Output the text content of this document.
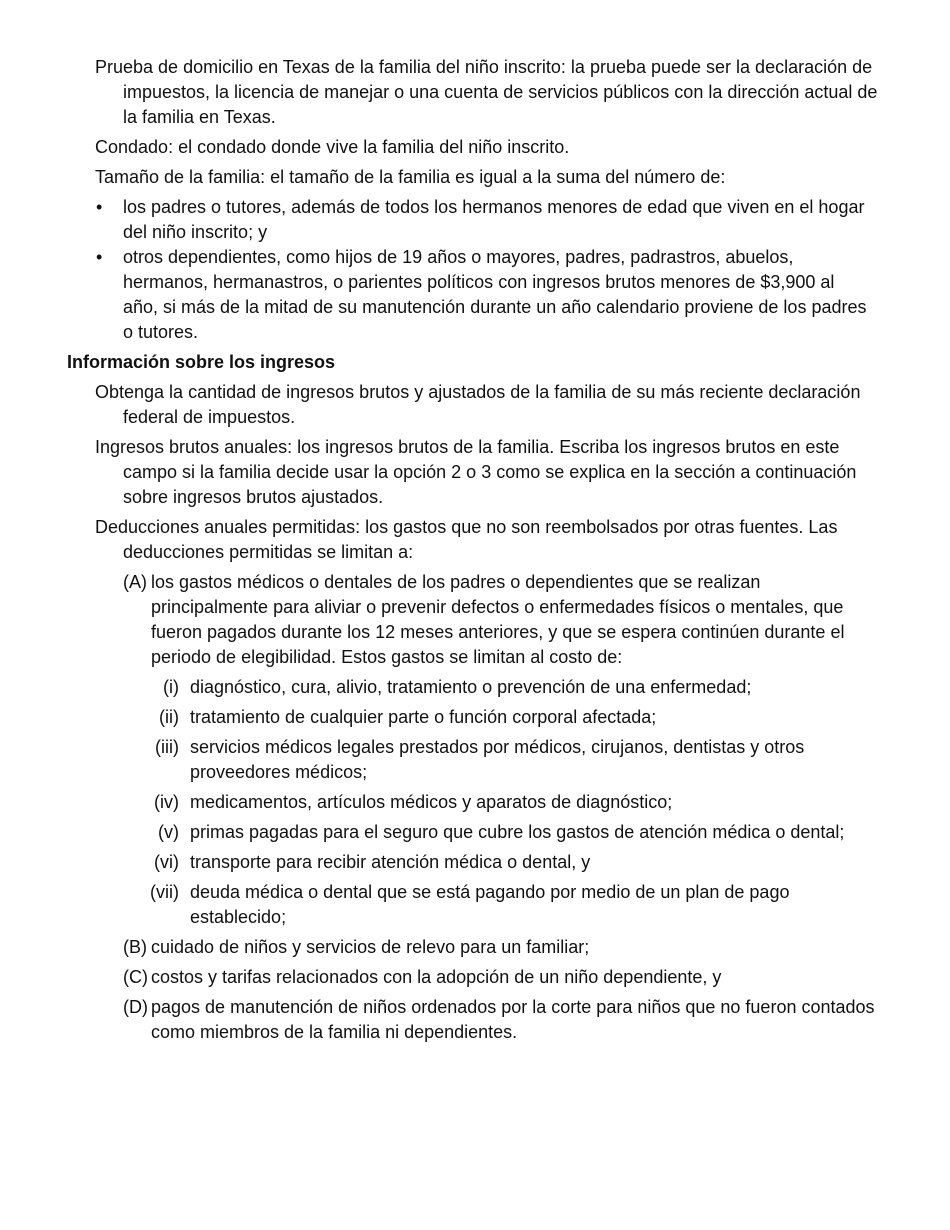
Prueba de domicilio en Texas de la familia del niño inscrito: la prueba puede ser la declaración de impuestos, la licencia de manejar o una cuenta de servicios públicos con la dirección actual de la familia en Texas.

Condado: el condado donde vive la familia del niño inscrito.

Tamaño de la familia: el tamaño de la familia es igual a la suma del número de:

• los padres o tutores, además de todos los hermanos menores de edad que viven en el hogar del niño inscrito; y
• otros dependientes, como hijos de 19 años o mayores, padres, padrastros, abuelos, hermanos, hermanastros, o parientes políticos con ingresos brutos menores de $3,900 al año, si más de la mitad de su manutención durante un año calendario proviene de los padres o tutores.
Información sobre los ingresos

Obtenga la cantidad de ingresos brutos y ajustados de la familia de su más reciente declaración federal de impuestos.

Ingresos brutos anuales: los ingresos brutos de la familia. Escriba los ingresos brutos en este campo si la familia decide usar la opción 2 o 3 como se explica en la sección a continuación sobre ingresos brutos ajustados.

Deducciones anuales permitidas: los gastos que no son reembolsados por otras fuentes. Las deducciones permitidas se limitan a:

(A) los gastos médicos o dentales de los padres o dependientes que se realizan principalmente para aliviar o prevenir defectos o enfermedades físicos o mentales, que fueron pagados durante los 12 meses anteriores, y que se espera continúen durante el periodo de elegibilidad. Estos gastos se limitan al costo de:
(i) diagnóstico, cura, alivio, tratamiento o prevención de una enfermedad;
(ii) tratamiento de cualquier parte o función corporal afectada;
(iii) servicios médicos legales prestados por médicos, cirujanos, dentistas y otros proveedores médicos;
(iv) medicamentos, artículos médicos y aparatos de diagnóstico;
(v) primas pagadas para el seguro que cubre los gastos de atención médica o dental;
(vi) transporte para recibir atención médica o dental, y
(vii) deuda médica o dental que se está pagando por medio de un plan de pago establecido;
(B) cuidado de niños y servicios de relevo para un familiar;
(C) costos y tarifas relacionados con la adopción de un niño dependiente, y
(D) pagos de manutención de niños ordenados por la corte para niños que no fueron contados como miembros de la familia ni dependientes.
